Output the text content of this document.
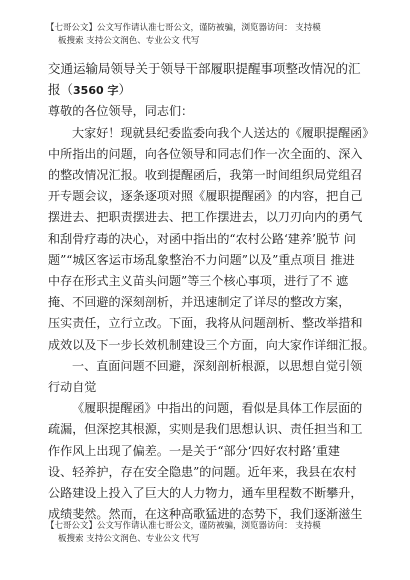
【七哥公文】公文写作请认准七哥公文，谨防被骗，浏览器访问： 支持模
板搜索 支持公文润色、专业公文 代写

交通运输局领导关于领导干部履职提醒事项整改情况的汇
报（3560 字）

尊敬的各位领导，同志们：

大家好！现就县纪委监委向我个人送达的《履职提醒函》
中所指出的问题，向各位领导和同志们作一次全面的、深入
的整改情况汇报。收到提醒函后，我第一时间组织局党组召
开专题会议，逐条逐项对照《履职提醒函》的内容，把自己
摆进去、把职责摆进去、把工作摆进去，以刀刃向内的勇气
和刮骨疗毒的决心，对函中指出的“农村公路‘建养’脱节 问
题”“城区客运市场乱象整治不力问题”以及”重点项目 推进
中存在形式主义苗头问题”等三个核心事项，进行了不 遮
掩、不回避的深刻剖析，并迅速制定了详尽的整改方案，
压实责任，立行立改。下面，我将从问题剖析、整改举措和
成效以及下一步长效机制建设三个方面，向大家作详细汇报。

一、直面问题不回避，深刻剖析根源，以思想自觉引领
行动自觉

《履职提醒函》中指出的问题，看似是具体工作层面的
疏漏，但深挖其根源，实则是我们思想认识、责任担当和工
作作风上出现了偏差。一是关于“部分‘四好农村路’重建
设、轻养护，存在安全隐患”的问题。近年来，我县在农村
公路建设上投入了巨大的人力物力，通车里程数不断攀升，
成绩斐然。然而，在这种高歌猛进的态势下，我们逐渐滋生

【七哥公文】公文写作请认准七哥公文，谨防被骗，浏览器访问： 支持模
板搜索 支持公文润色、专业公文 代写
